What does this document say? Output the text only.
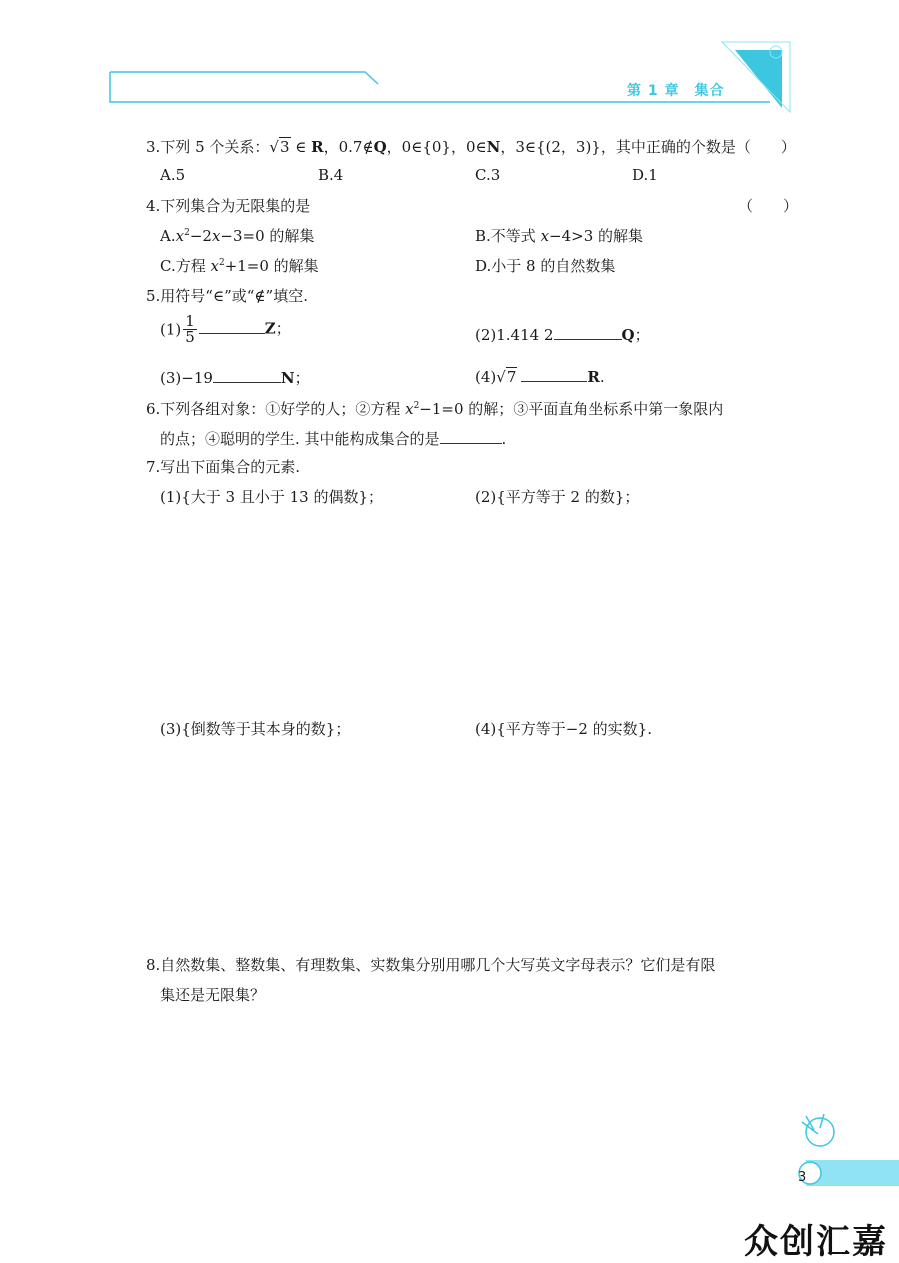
第 1 章　集合
3.下列 5 个关系：√3 ∈ R，0.7∉Q，0∈{0}，0∈N，3∈{(2，3)}，其中正确的个数是（　　）
A.5	B.4	C.3	D.1
4.下列集合为无限集的是	（　　）
$A.x^2-2x-3=0$ 的解集	B.不等式 x−4>3 的解集
C.方程 $x^2+1=0$ 的解集	D.小于 8 的自然数集
5.用符号“∈”或“∉”填空.
$(1) \frac{1}{5}$	Z；	(2)1.414 2	Q；
(3)−19	N；	(4)√7	R.
6.下列各组对象：①好学的人；②方程 $x^2-1=0$ 的解；③平面直角坐标系中第一象限内
的点；④聪明的学生. 其中能构成集合的是	.
7.写出下面集合的元素.
(1){大于 3 且小于 13 的偶数}；	(2){平方等于 2 的数}；
(3){倒数等于其本身的数}；	(4){平方等于−2 的实数}.
8.自然数集、整数集、有理数集、实数集分别用哪几个大写英文字母表示？它们是有限
集还是无限集？
3
众创汇嘉
